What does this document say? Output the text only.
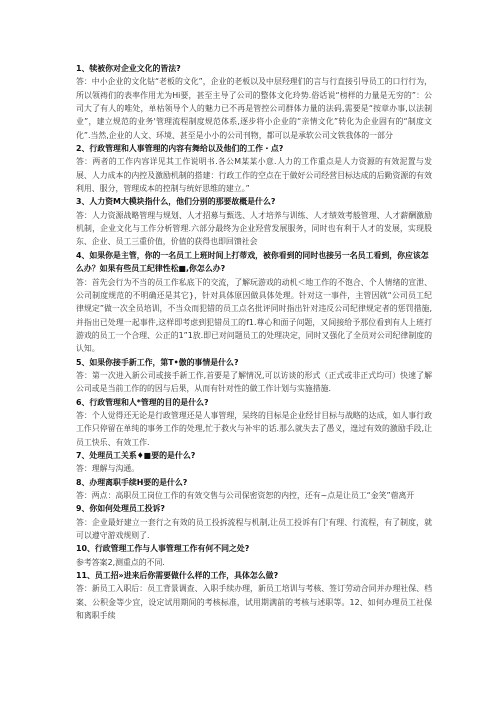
1、犊被你对企业文化的皆法?

答：中小企业的文化钻“老板的文化”，企业的老板以及中层羟理们的言与行直接引导员工的口行行为，所以领祷们的表率作用尤为Hi要，甚至主导了公司的整体文化玲势.俗话说“榜样的力量是无穷的”：公司大了有人的唯处，单枯领导个人的魅力已不再是管控公司群体力量的法码,需要是“按章办事,以法制业”，建立规范的业务'管理流程制度规范体系,逐步将小企业的“亲情文化”转化为企业固有的“制度文化”.当然,企业的人文、环境、甚至是小小的公司刊物，都可以是承软公司文铁我体的一部分

2、行政管理和人事管理的内容有舞给以及他们的工作・点?

答：两者的工作内容详见其工作说明书.各公M某某小意.人力的工作重点是人力资源的有效泥置与发展、人力成本的内控及激励机制的搭建：行政工作的空点在于做好公司经营目标达成的后勤资源的有效利用、服分，管理成本的控制与统好思维的建立。”

3、人力资M大模块指什么，他们分别的那要故概是什么?

答：人力资源战略管理与规划、人才招募与甄选、人才培养与训练、人才绩效考般管理、人才薪酬激励机制，企业文化与工作分析管理.六部分最终为企业羟营发展服务，同时也有利于人才的发展，实现股东、企业、员工三重价值，价值的获得也即回馈社会

4、如果你是主管，你的一名员工上班时间上打蒂戏，被你看到的同时也接另一名员工看到，你应该怎么办？如果有些员工纪律性松■,你怎么办?

答：首先会行为不当的员工作私底下的交流，了解玩游戏的动机＜地工作的不饱合、个人情绪的宣泄、公司制度规范的不明确还是其它}，针对具体原因做具体处理。针对这一事件，主管因就“公司员工纪律规定”做一次全员培训，不当众而犯错的员工点名批评同时指出针对违反公司纪律规定者的惩罚措施,并指出已处理一起事件,这样即考虑到犯错员工的f1.尊心和面子问题，又间接给予那位看到有人上班打游戏的员工一个合理、公正的1”1放.即已对问题员工的处理决定，同时又强化了全员对公司纪律制度的认知。

5、如果你接手新工作，第T•傲的事情是什么?

答：第一次进入新公司或接手新工作,首要是了解情况,可以访谈的形式（正式或非正式均可）快速了解公司或是当前工作的的因与后果，从而有针对性的做工作计划与实施措施.

6、行政管理和人*管理的目的是什么?

答：个人觉得还无论是行政管理还是人事管理，呆终的目标是企业经甘目标与战略的达成，如人事行政工作只停留在单纯的事务工作的处理,忙于救火与补牢的话.那么就失去了愚义，遑过有效的激励手段,让员工快乐、有效工作.

7、处理员工关系♦■要的是什么?

答：理解与沟通。

8、办理离职手续H要的是什么?

答：两点：高职员工岗位工作的有效交售与公司保密资恕的内控，还有~点是让员工“金笑”蓿离开

9、你如何处理员工投诉?

答：企业最好建立一套行之有效的员工投拆流程与机制,让员工投诉有门'有理、行流程，有了制度，就可以遵守游戏规则了.

10、行政管理工作与人事管理工作有何不同之处?

参考答案2,测重点的不同.

11、员工招»进来后你需要做什么样的工作，具体怎么做?

答：新员工入职后：员工背景调查、入职手续办理，新员工培训与考核、签订劳动合同并办理社保、档案、公积金等少宜，设定试用期间的考核标准，试用期满前的考核与述职等。12、如何办理员工社保和离职手续
